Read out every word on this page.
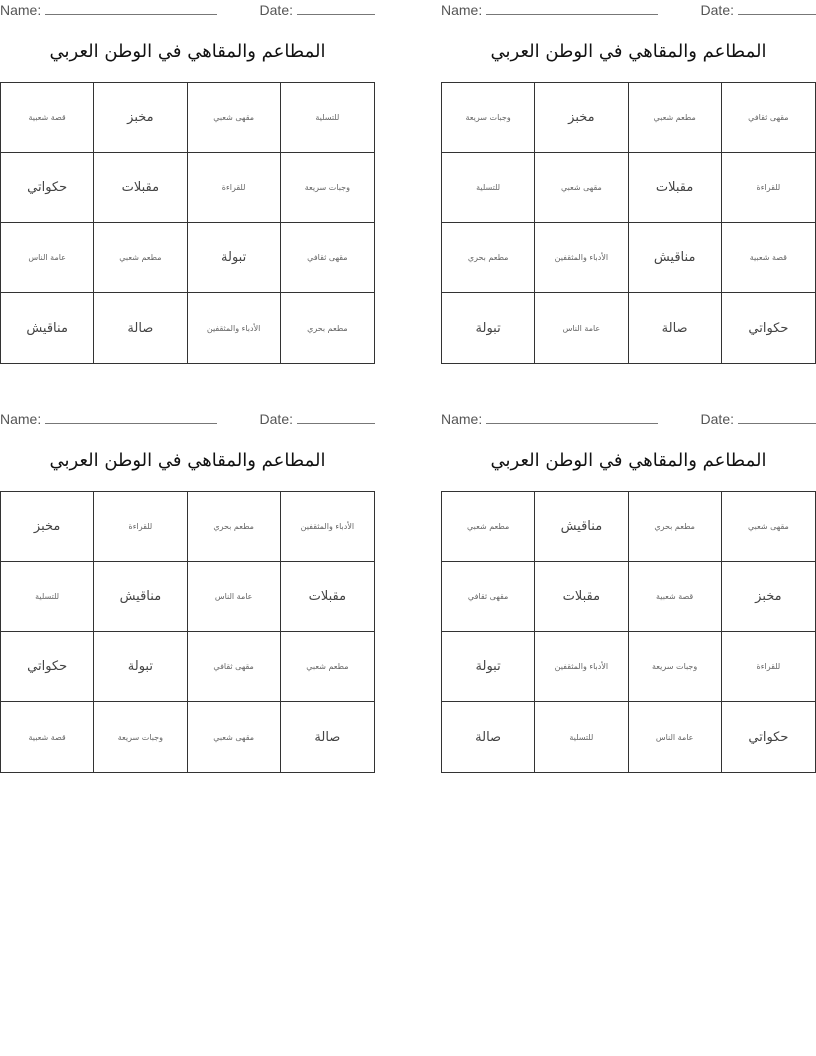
Name:	Date:
المطاعم والمقاهي في الوطن العربي
قصة شعبية	مخبز	مقهى شعبي	للتسلية
حكواتي	مقبلات	للقراءة	وجبات سريعة
عامة الناس	مطعم شعبي	تبولة	مقهى ثقافي
مناقيش	صالة	الأدباء والمثقفين	مطعم بحري
Name:	Date:
المطاعم والمقاهي في الوطن العربي
وجبات سريعة	مخبز	مطعم شعبي	مقهى ثقافي
للتسلية	مقهى شعبي	مقبلات	للقراءة
مطعم بحري	الأدباء والمثقفين	مناقيش	قصة شعبية
تبولة	عامة الناس	صالة	حكواتي
Name:	Date:
المطاعم والمقاهي في الوطن العربي
مخبز	للقراءة	مطعم بحري	الأدباء والمثقفين
للتسلية	مناقيش	عامة الناس	مقبلات
حكواتي	تبولة	مقهى ثقافي	مطعم شعبي
قصة شعبية	وجبات سريعة	مقهى شعبي	صالة
Name:	Date:
المطاعم والمقاهي في الوطن العربي
مطعم شعبي	مناقيش	مطعم بحري	مقهى شعبي
مقهى ثقافي	مقبلات	قصة شعبية	مخبز
تبولة	الأدباء والمثقفين	وجبات سريعة	للقراءة
صالة	للتسلية	عامة الناس	حكواتي
